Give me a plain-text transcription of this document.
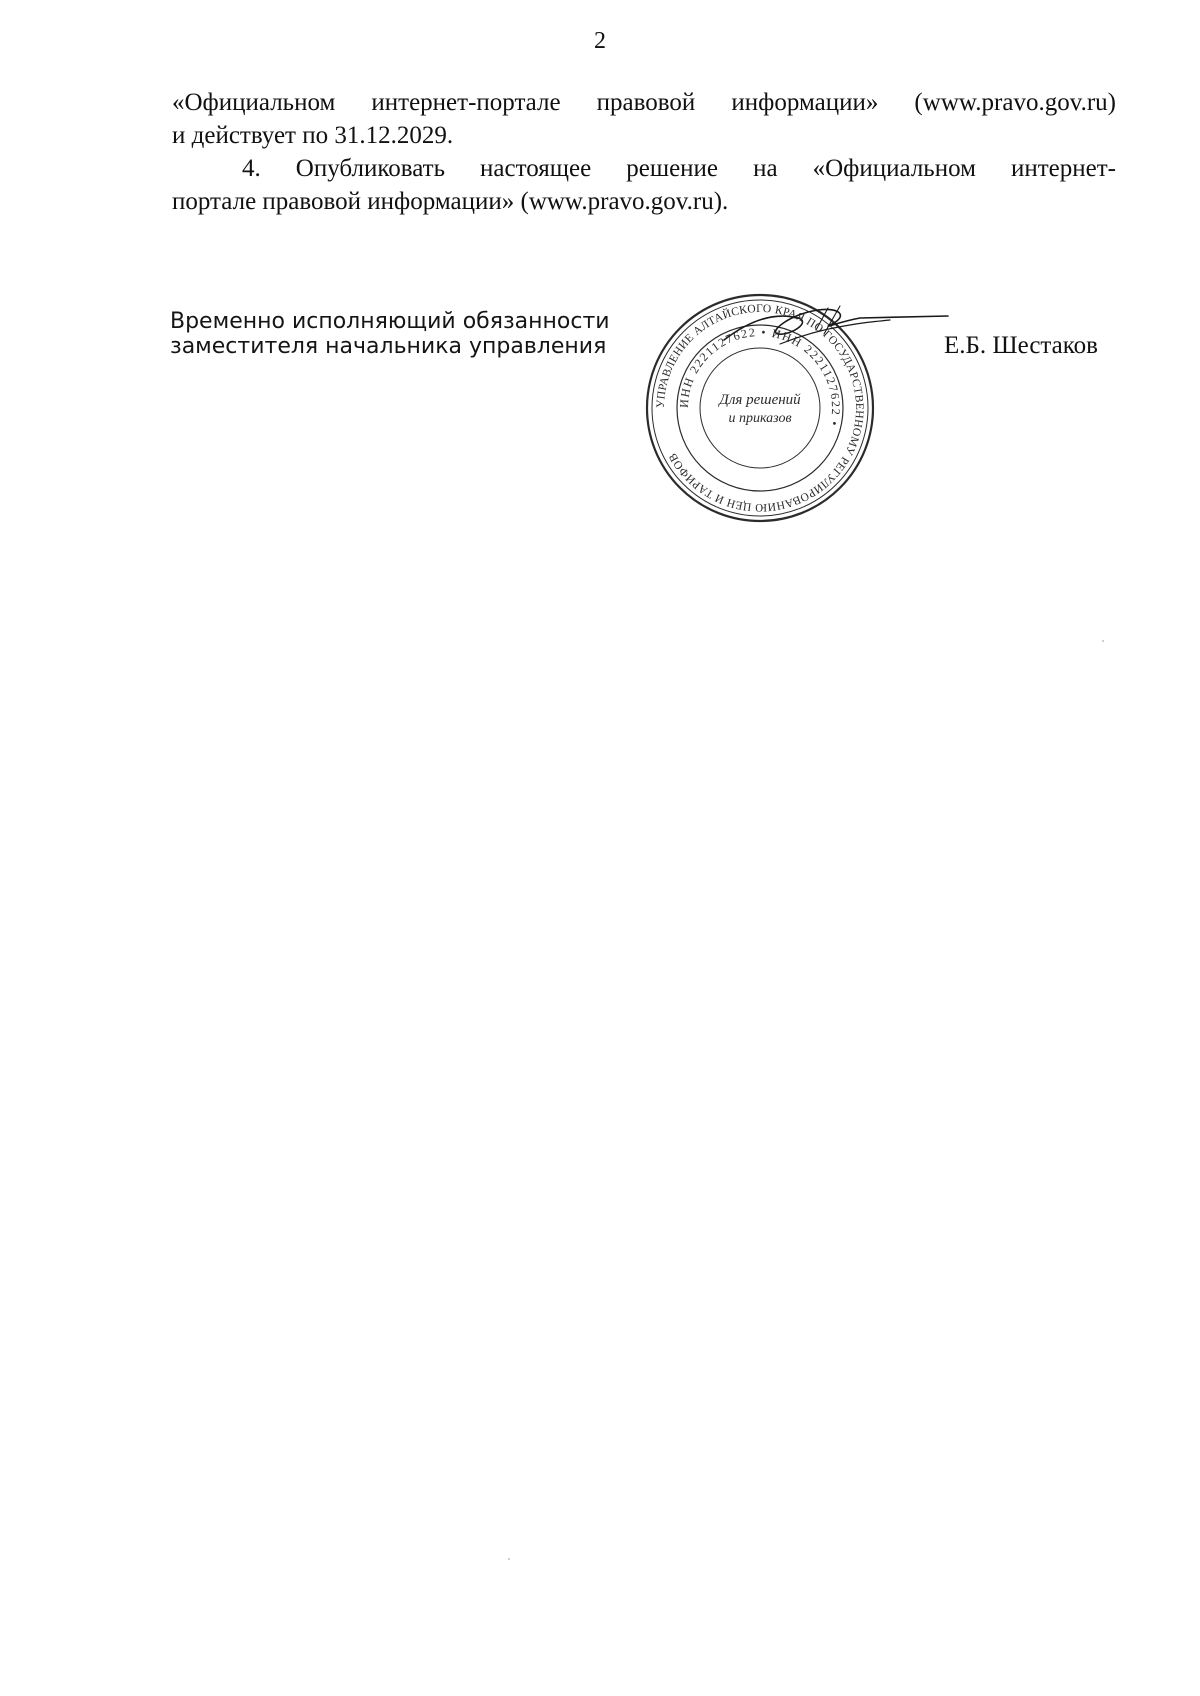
2
«Официальном интернет-портале правовой информации» (www.pravo.gov.ru)
и действует по 31.12.2029.
4. Опубликовать настоящее решение на «Официальном интернет-
портале правовой информации» (www.pravo.gov.ru).
Временно исполняющий обязанности
заместителя начальника управления
УПРАВЛЕНИЕ АЛТАЙСКОГО КРАЯ ПО ГОСУДАРСТВЕННОМУ РЕГУЛИРОВАНИЮ ЦЕН И ТАРИФОВ
ИНН 2221127622 • ИНН 2221127622 •
Для решений
и приказов
Е.Б. Шестаков
